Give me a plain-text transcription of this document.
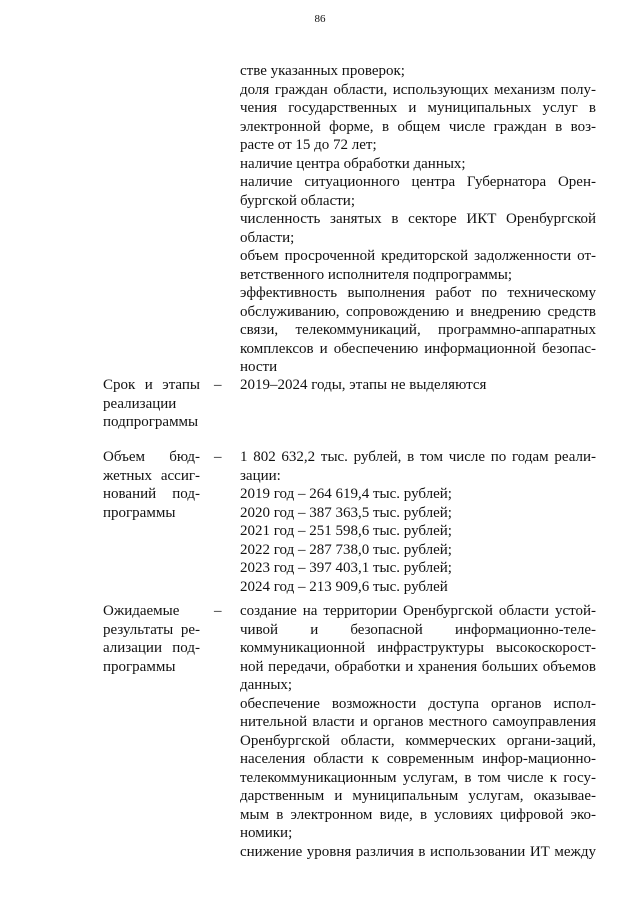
86
стве указанных проверок;
доля граждан области, использующих механизм полу-
чения государственных и муниципальных услуг в
электронной форме, в общем числе граждан в воз-
расте от 15 до 72 лет;
наличие центра обработки данных;
наличие ситуационного центра Губернатора Орен-
бургской области;
численность занятых в секторе ИКТ Оренбургской
области;
объем просроченной кредиторской задолженности от-
ветственного исполнителя подпрограммы;
эффективность выполнения работ по техническому
обслуживанию, сопровождению и внедрению средств
связи, телекоммуникаций, программно-аппаратных
комплексов и обеспечению информационной безопас-
ности
Срок и этапы
реализации
подпрограммы
– 2019–2024 годы, этапы не выделяются
Объем бюд-
жетных ассиг-
нований под-
программы
– 1 802 632,2 тыс. рублей, в том числе по годам реали-
зации:
2019 год – 264 619,4 тыс. рублей;
2020 год – 387 363,5 тыс. рублей;
2021 год – 251 598,6 тыс. рублей;
2022 год – 287 738,0 тыс. рублей;
2023 год – 397 403,1 тыс. рублей;
2024 год – 213 909,6 тыс. рублей
Ожидаемые
результаты ре-
ализации под-
программы
– создание на территории Оренбургской области устой-
чивой и безопасной информационно-теле-
коммуникационной инфраструктуры высокоскорост-
ной передачи, обработки и хранения больших объемов
данных;
обеспечение возможности доступа органов испол-
нительной власти и органов местного самоуправления
Оренбургской области, коммерческих органи-заций,
населения области к современным инфор-мационно-
телекоммуникационным услугам, в том числе к госу-
дарственным и муниципальным услугам, оказывае-
мым в электронном виде, в условиях цифровой эко-
номики;
снижение уровня различия в использовании ИТ между
